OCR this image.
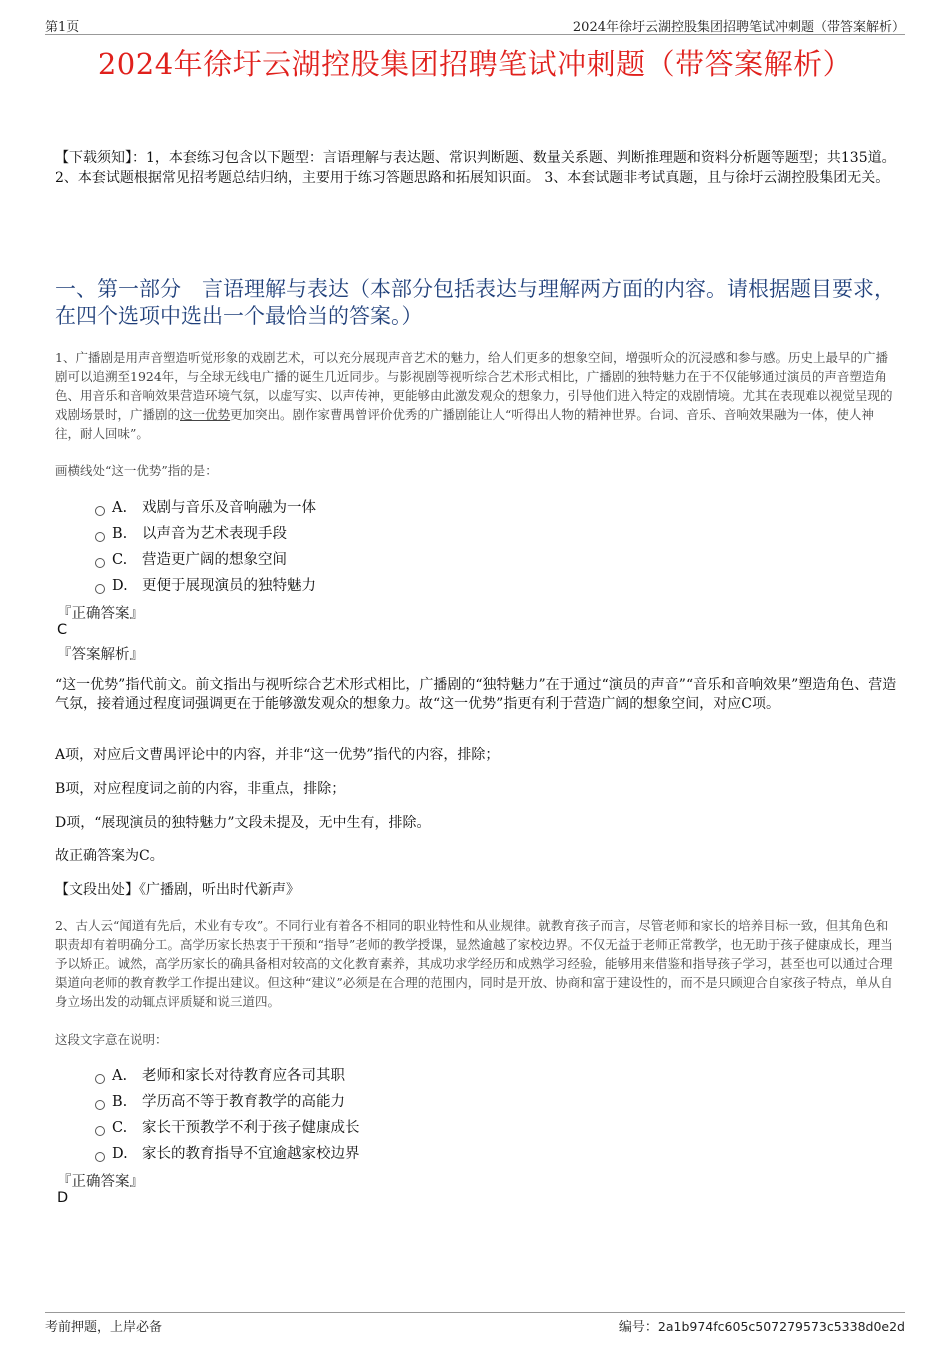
第1页	2024年徐圩云湖控股集团招聘笔试冲刺题（带答案解析）
2024年徐圩云湖控股集团招聘笔试冲刺题（带答案解析）
【下载须知】：1，本套练习包含以下题型：言语理解与表达题、常识判断题、数量关系题、判断推理题和资料分析题等题型；共135道。 2、本套试题根据常见招考题总结归纳，主要用于练习答题思路和拓展知识面。 3、本套试题非考试真题，且与徐圩云湖控股集团无关。
一、第一部分　言语理解与表达（本部分包括表达与理解两方面的内容。请根据题目要求，在四个选项中选出一个最恰当的答案。）
1、广播剧是用声音塑造听觉形象的戏剧艺术，可以充分展现声音艺术的魅力，给人们更多的想象空间，增强听众的沉浸感和参与感。历史上最早的广播剧可以追溯至1924年，与全球无线电广播的诞生几近同步。与影视剧等视听综合艺术形式相比，广播剧的独特魅力在于不仅能够通过演员的声音塑造角色、用音乐和音响效果营造环境气氛，以虚写实、以声传神，更能够由此激发观众的想象力，引导他们进入特定的戏剧情境。尤其在表现难以视觉呈现的戏剧场景时，广播剧的这一优势更加突出。剧作家曹禺曾评价优秀的广播剧能让人“听得出人物的精神世界。台词、音乐、音响效果融为一体，使人神往，耐人回味”。
画横线处“这一优势”指的是：
A. 戏剧与音乐及音响融为一体
B. 以声音为艺术表现手段
C. 营造更广阔的想象空间
D. 更便于展现演员的独特魅力
『正确答案』
C
『答案解析』
“这一优势”指代前文。前文指出与视听综合艺术形式相比，广播剧的“独特魅力”在于通过“演员的声音”“音乐和音响效果”塑造角色、营造气氛，接着通过程度词强调更在于能够激发观众的想象力。故“这一优势”指更有利于营造广阔的想象空间，对应C项。
A项，对应后文曹禺评论中的内容，并非“这一优势”指代的内容，排除；
B项，对应程度词之前的内容，非重点，排除；
D项，“展现演员的独特魅力”文段未提及，无中生有，排除。
故正确答案为C。
【文段出处】《广播剧，听出时代新声》
2、古人云“闻道有先后，术业有专攻”。不同行业有着各不相同的职业特性和从业规律。就教育孩子而言，尽管老师和家长的培养目标一致，但其角色和职责却有着明确分工。高学历家长热衷于干预和“指导”老师的教学授课，显然逾越了家校边界。不仅无益于老师正常教学，也无助于孩子健康成长，理当予以矫正。诚然，高学历家长的确具备相对较高的文化教育素养，其成功求学经历和成熟学习经验，能够用来借鉴和指导孩子学习，甚至也可以通过合理渠道向老师的教育教学工作提出建议。但这种“建议”必须是在合理的范围内，同时是开放、协商和富于建设性的，而不是只顾迎合自家孩子特点，单从自身立场出发的动辄点评质疑和说三道四。
这段文字意在说明：
A. 老师和家长对待教育应各司其职
B. 学历高不等于教育教学的高能力
C. 家长干预教学不利于孩子健康成长
D. 家长的教育指导不宜逾越家校边界
『正确答案』
D
考前押题，上岸必备	编号：2a1b974fc605c507279573c5338d0e2d
